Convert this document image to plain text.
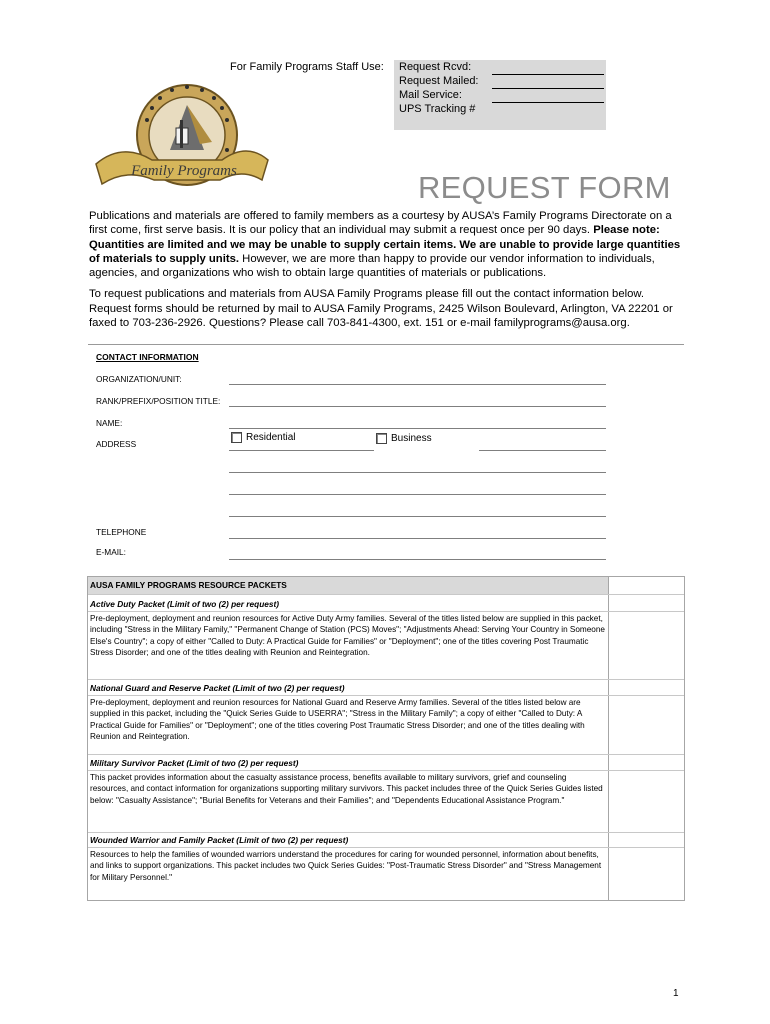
For Family Programs Staff Use: Request Rcvd:
Request Mailed:
Mail Service:
UPS Tracking #
Family Programs	REQUEST FORM

Publications and materials are offered to family members as a courtesy by AUSA’s Family Programs Directorate on a first come, first serve basis. It is our policy that an individual may submit a request once per 90 days. Please note: Quantities are limited and we may be unable to supply certain items. We are unable to provide large quantities of materials to supply units. However, we are more than happy to provide our vendor information to individuals, agencies, and organizations who wish to obtain large quantities of materials or publications.

To request publications and materials from AUSA Family Programs please fill out the contact information below. Request forms should be returned by mail to AUSA Family Programs, 2425 Wilson Boulevard, Arlington, VA 22201 or faxed to 703-236-2926. Questions? Please call 703-841-4300, ext. 151 or e-mail familyprograms@ausa.org.

CONTACT INFORMATION
ORGANIZATION/UNIT:
RANK/PREFIX/POSITION TITLE:
NAME:
ADDRESS
Residential	Business
TELEPHONE
E-MAIL:
AUSA FAMILY PROGRAMS RESOURCE PACKETS
Active Duty Packet (Limit of two (2) per request)
Pre-deployment, deployment and reunion resources for Active Duty Army families. Several of the titles listed below are supplied in this packet, including "Stress in the Military Family," "Permanent Change of Station (PCS) Moves"; "Adjustments Ahead: Serving Your Country in Someone Else's Country"; a copy of either "Called to Duty: A Practical Guide for Families" or "Deployment"; one of the titles covering Post Traumatic Stress Disorder; and one of the titles dealing with Reunion and Reintegration.
National Guard and Reserve Packet (Limit of two (2) per request)
Pre-deployment, deployment and reunion resources for National Guard and Reserve Army families. Several of the titles listed below are supplied in this packet, including the "Quick Series Guide to USERRA"; "Stress in the Military Family"; a copy of either "Called to Duty: A Practical Guide for Families" or "Deployment"; one of the titles covering Post Traumatic Stress Disorder; and one of the titles dealing with Reunion and Reintegration.
Military Survivor Packet (Limit of two (2) per request)
This packet provides information about the casualty assistance process, benefits available to military survivors, grief and counseling resources, and contact information for organizations supporting military survivors. This packet includes three of the Quick Series Guides listed below: "Casualty Assistance"; "Burial Benefits for Veterans and their Families"; and "Dependents Educational Assistance Program."
Wounded Warrior and Family Packet (Limit of two (2) per request)
Resources to help the families of wounded warriors understand the procedures for caring for wounded personnel, information about benefits, and links to support organizations. This packet includes two Quick Series Guides: "Post-Traumatic Stress Disorder" and "Stress Management for Military Personnel."
1
